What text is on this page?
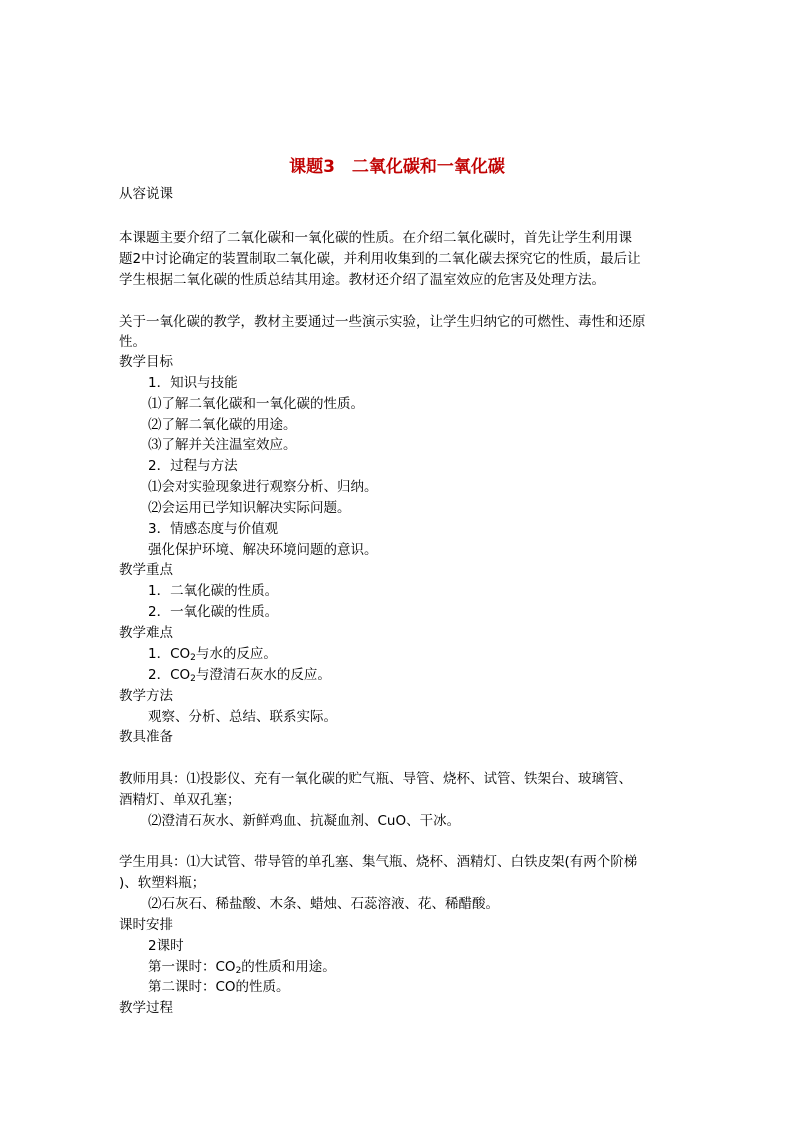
课题3　二氧化碳和一氧化碳
从容说课
本课题主要介绍了二氧化碳和一氧化碳的性质。在介绍二氧化碳时，首先让学生利用课
题2中讨论确定的装置制取二氧化碳，并利用收集到的二氧化碳去探究它的性质，最后让
学生根据二氧化碳的性质总结其用途。教材还介绍了温室效应的危害及处理方法。
关于一氧化碳的教学，教材主要通过一些演示实验，让学生归纳它的可燃性、毒性和还原
性。
教学目标
1．知识与技能
⑴了解二氧化碳和一氧化碳的性质。
⑵了解二氧化碳的用途。
⑶了解并关注温室效应。
2．过程与方法
⑴会对实验现象进行观察分析、归纳。
⑵会运用已学知识解决实际问题。
3．情感态度与价值观
强化保护环境、解决环境问题的意识。
教学重点
1．二氧化碳的性质。
2．一氧化碳的性质。
教学难点
1．$CO_2$与水的反应。
2．$CO_2$与澄清石灰水的反应。
教学方法
观察、分析、总结、联系实际。
教具准备
教师用具：⑴投影仪、充有一氧化碳的贮气瓶、导管、烧杯、试管、铁架台、玻璃管、
酒精灯、单双孔塞；
⑵澄清石灰水、新鲜鸡血、抗凝血剂、CuO、干冰。
学生用具：⑴大试管、带导管的单孔塞、集气瓶、烧杯、酒精灯、白铁皮架(有两个阶梯
)、软塑料瓶；
⑵石灰石、稀盐酸、木条、蜡烛、石蕊溶液、花、稀醋酸。
课时安排
2课时
第一课时：$CO_2$的性质和用途。
第二课时：CO的性质。
教学过程
